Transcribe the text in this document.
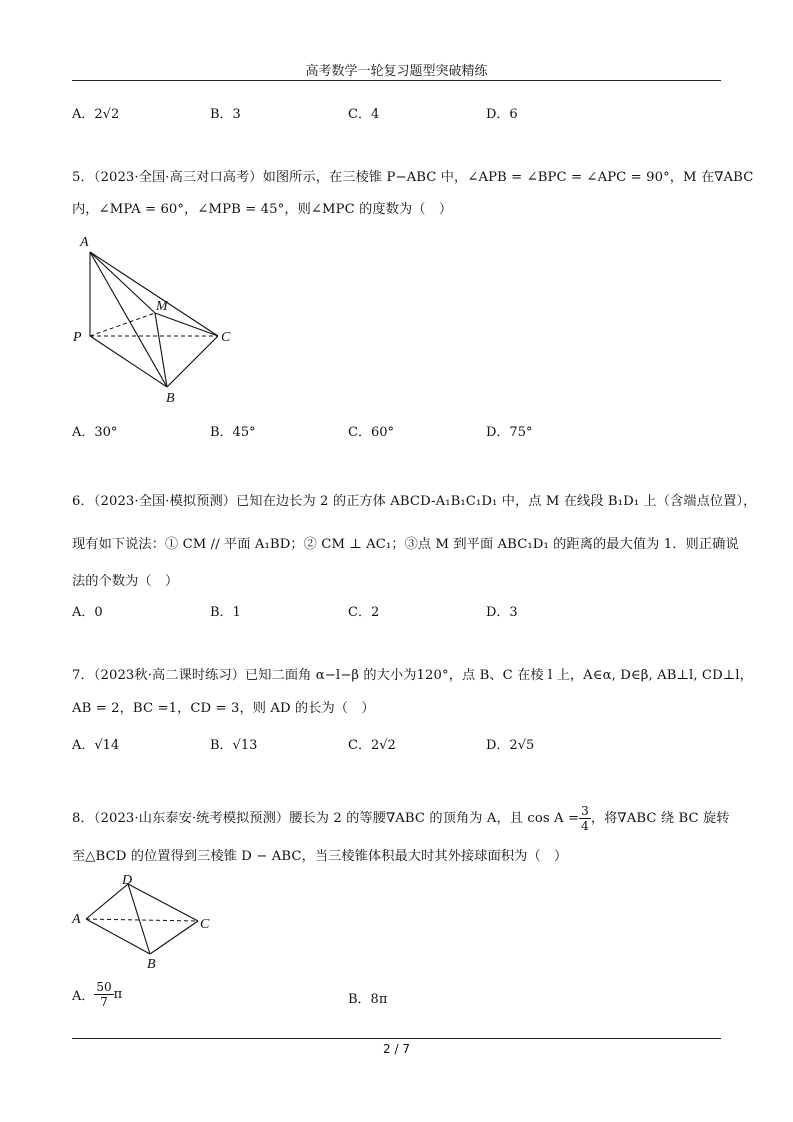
高考数学一轮复习题型突破精练
A．2√2	B．3	C．4	D．6
5．（2023·全国·高三对口高考）如图所示，在三棱锥 P−ABC 中，∠APB = ∠BPC = ∠APC = 90°，M 在∇ABC
内，∠MPA = 60°，∠MPB = 45°，则∠MPC 的度数为（　）
A
M
P	C
B
A．30°	B．45°	C．60°	D．75°
6．（2023·全国·模拟预测）已知在边长为 2 的正方体 ABCD-A₁B₁C₁D₁ 中，点 M 在线段 B₁D₁ 上（含端点位置），
现有如下说法：① CM // 平面 A₁BD；② CM ⊥ AC₁；③点 M 到平面 ABC₁D₁ 的距离的最大值为 1．则正确说
法的个数为（　）
A．0	B．1	C．2	D．3
7．（2023秋·高二课时练习）已知二面角 α−l−β 的大小为120°，点 B、C 在棱 l 上，A∈α, D∈β, AB⊥l, CD⊥l，
AB = 2，BC =1，CD = 3，则 AD 的长为（　）
A．√14	B．√13	C．2√2	D．2√5
8．（2023·山东泰安·统考模拟预测）腰长为 2 的等腰∇ABC 的顶角为 A，且 $\cos A = \frac{3}{4}$ ，将∇ABC 绕 BC 旋转
至△BCD 的位置得到三棱锥 D − ABC，当三棱锥体积最大时其外接球面积为（　）
D
A	C
B
A． $\frac{50}{7}$ π	B．8π
2 / 7
